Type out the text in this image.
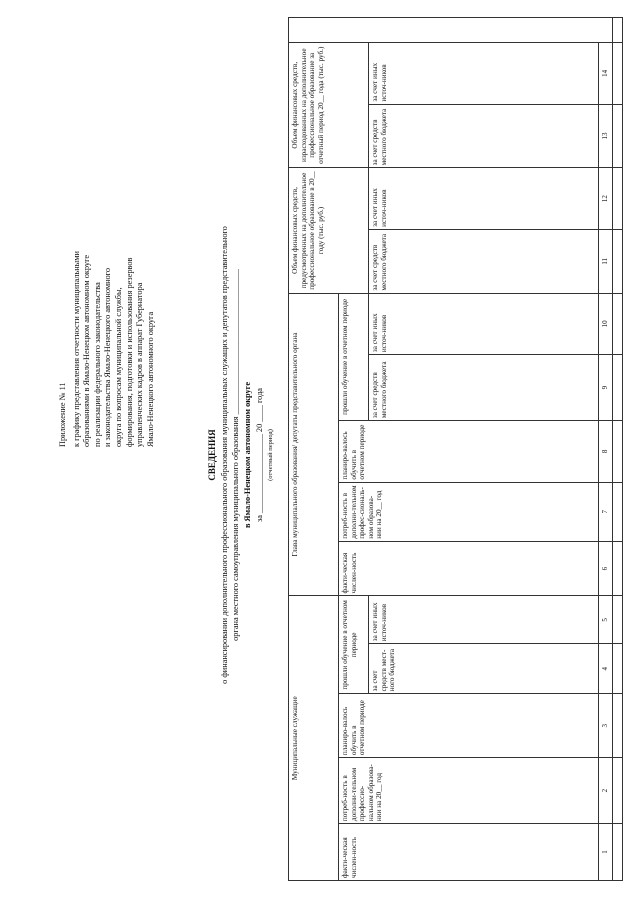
Приложение № 11 к графику представления отчетности муниципальными образованиями в Ямало-Ненецком автономном округе по реализации федерального законодательства и законодательства Ямало-Ненецкого автономного округа по вопросам муниципальной службы, формирования, подготовки и использования резервов управленческих кадров в аппарат Губернатора Ямало-Ненецкого автономного округа
СВЕДЕНИЯ о финансировании дополнительного профессионального образования муниципальных служащих и депутатов представительного органа местного самоуправления муниципального образования ___________________________________ в Ямало-Ненецком автономном округе за ___________________ 20 ____ года (отчетный период)
Муниципальные служащие					Глава муниципального образования/ депутаты представительного органа					Объем финансовых средств, предусмотренных на дополнительное профессиональное образование в 20__ году (тыс. руб.)		Объем финансовых средств, израсходованных на дополнительное профессиональное образование за отчетный период 20__ года (тыс. руб.)		
факти-ческая числен-ность	потреб-ность в дополни-тельном профессио-нальном образова-нии на 20__ год	планиро-валось обучить в отчетном периоде	прошли обучение в отчетном периоде		факти-ческая числен-ность	потреб-ность в дополни-тельном профес-сиональ-ном образова-нии на 20__ год	планиро-валось обучить в отчетном периоде	прошли обучение в отчетном периоде						
			за счет средств мест-ного бюджета	за счет иных источ-ников				за счет средств местного бюджета	за счет иных источ-ников	за счет средств местного бюджета	за счет иных источ-ников	за счет средств местного бюджета	за счет иных источ-ников	
1	2	3	4	5	6	7	8	9	10	11	12	13	14	
